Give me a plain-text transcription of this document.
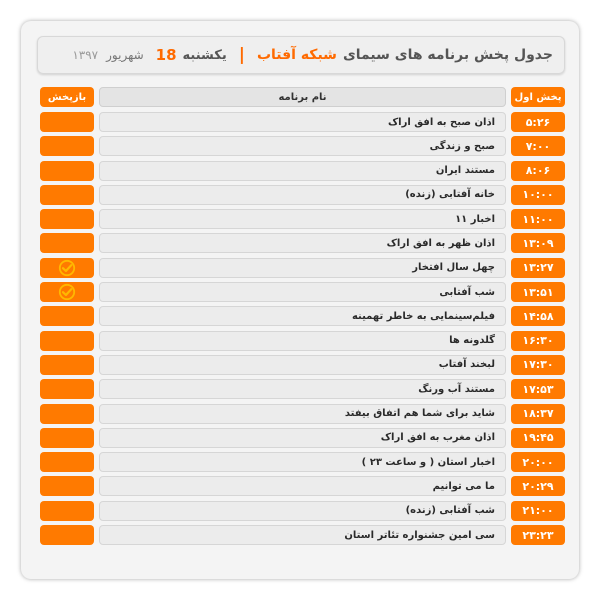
جدول پخش برنامه های سیمای
شبکه آفتاب
|
یکشنبه
18
شهریور
۱۳۹۷
پخش اول
نام برنامه
بازپخش
۵:۲۶
اذان صبح به افق اراک
۷:۰۰
صبح و زندگی
۸:۰۶
مستند ایران
۱۰:۰۰
خانه آفتابی (زنده)
۱۱:۰۰
اخبار ۱۱
۱۳:۰۹
اذان ظهر به افق اراک
۱۳:۲۷
چهل سال افتخار
۱۳:۵۱
شب آفتابی
۱۴:۵۸
فیلم‌سینمایی به خاطر تهمینه
۱۶:۳۰
گلدونه ها
۱۷:۳۰
لبخند آفتاب
۱۷:۵۳
مستند آب ورنگ
۱۸:۳۷
شاید برای شما هم اتفاق بیفتد
۱۹:۴۵
اذان مغرب به افق اراک
۲۰:۰۰
اخبار استان ( و ساعت ۲۳ )
۲۰:۲۹
ما می توانیم
۲۱:۰۰
شب آفتابی (زنده)
۲۳:۲۳
سی امین جشنواره تئاتر استان
